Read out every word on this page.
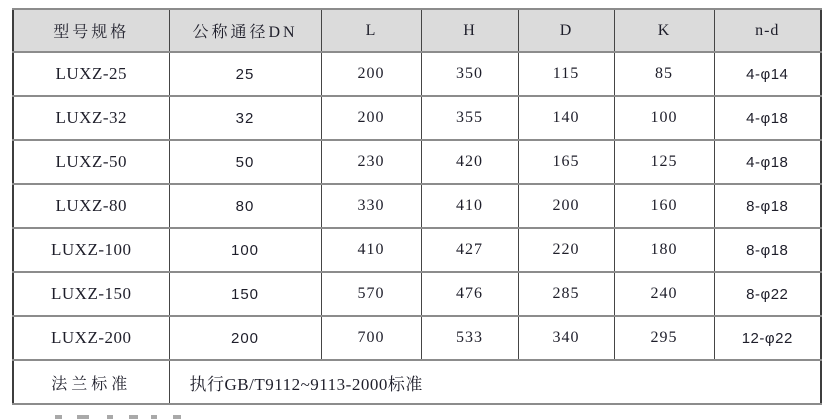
型号规格	公称通径DN	L	H	D	K	n-d
LUXZ-25	25	200	350	115	85	4-φ14
LUXZ-32	32	200	355	140	100	4-φ18
LUXZ-50	50	230	420	165	125	4-φ18
LUXZ-80	80	330	410	200	160	8-φ18
LUXZ-100	100	410	427	220	180	8-φ18
LUXZ-150	150	570	476	285	240	8-φ22
LUXZ-200	200	700	533	340	295	12-φ22
法兰标准	执行GB/T9112~9113-2000标准					
